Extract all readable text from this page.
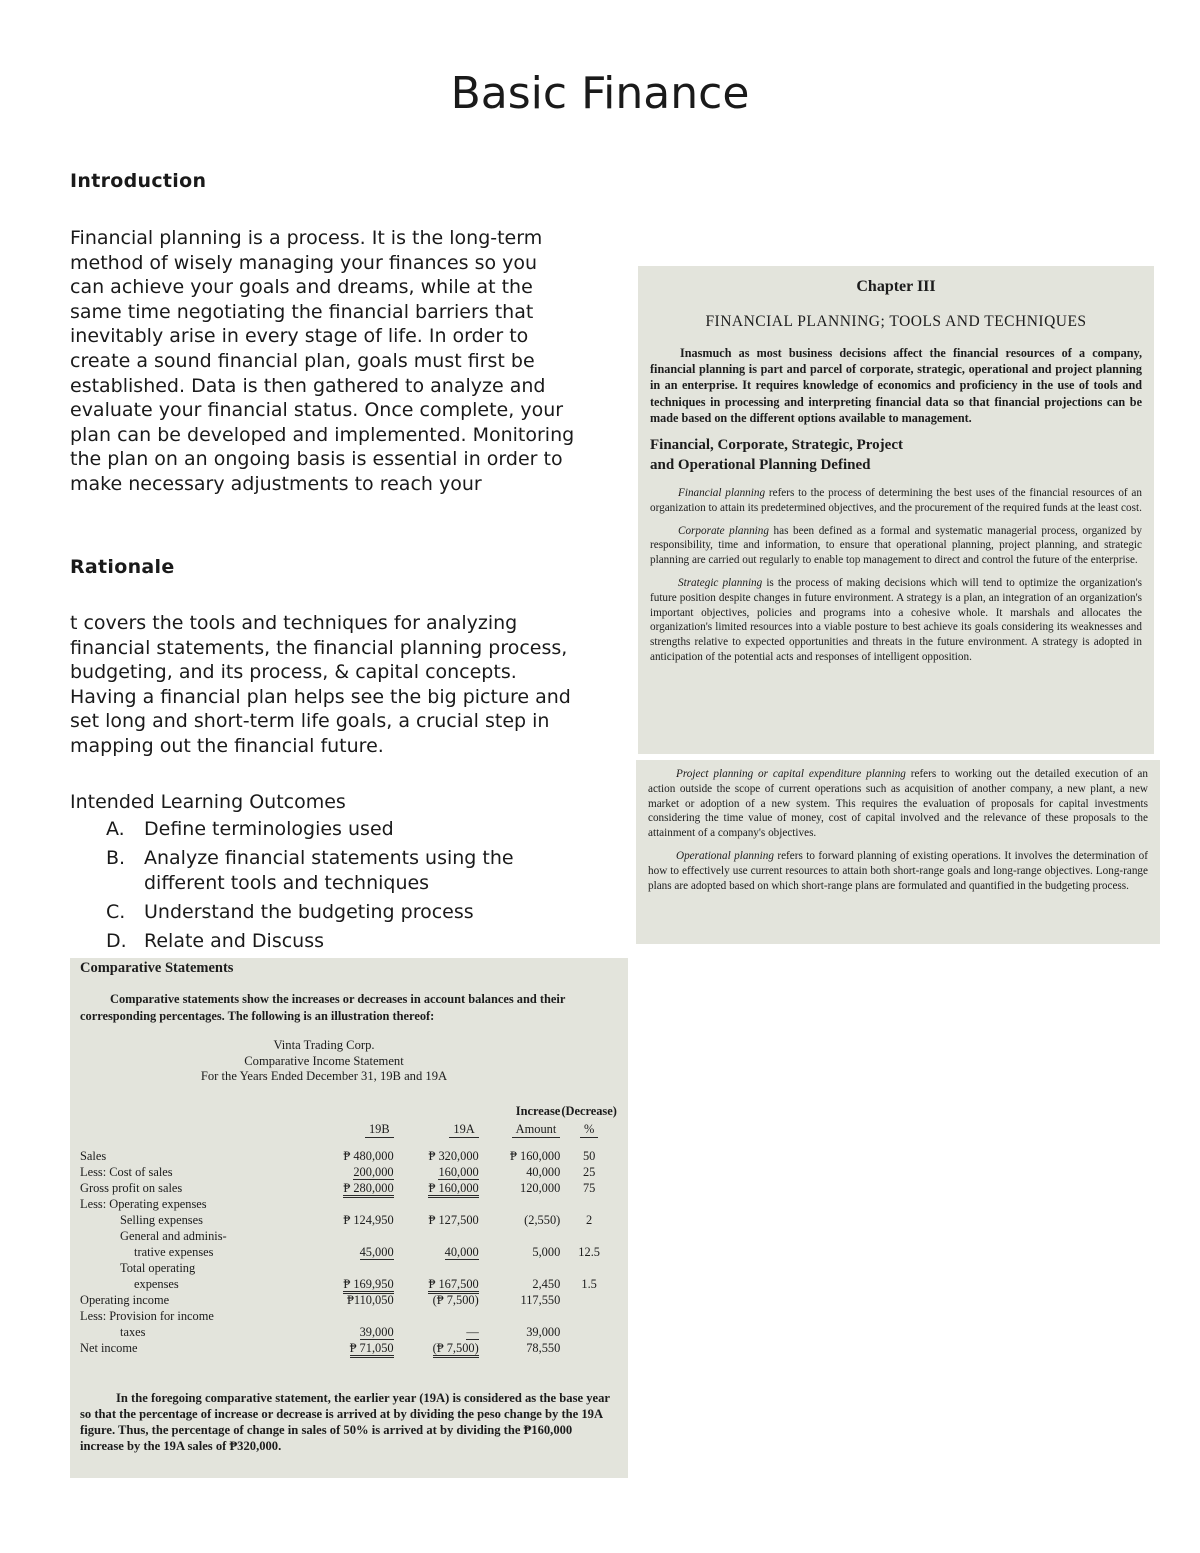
Basic Finance
Introduction

Financial planning is a process. It is the long-term method of wisely managing your finances so you can achieve your goals and dreams, while at the same time negotiating the financial barriers that inevitably arise in every stage of life. In order to create a sound financial plan, goals must first be established. Data is then gathered to analyze and evaluate your financial status. Once complete, your plan can be developed and implemented. Monitoring the plan on an ongoing basis is essential in order to make necessary adjustments to reach your

Rationale

t covers the tools and techniques for analyzing financial statements, the financial planning process, budgeting, and its process, & capital concepts. Having a financial plan helps see the big picture and set long and short-term life goals, a crucial step in mapping out the financial future.

Intended Learning Outcomes

A.	Define terminologies used
B. Analyze financial statements using the different tools and techniques
C. Understand the budgeting process
D. Relate and Discuss
Chapter III
FINANCIAL PLANNING; TOOLS AND TECHNIQUES

Inasmuch as most business decisions affect the financial resources of a company, financial planning is part and parcel of corporate, strategic, operational and project planning in an enterprise. It requires knowledge of economics and proficiency in the use of tools and techniques in processing and interpreting financial data so that financial projections can be made based on the different options available to management.

Financial, Corporate, Strategic, Project
and Operational Planning Defined

Financial planning refers to the process of determining the best uses of the financial resources of an organization to attain its predetermined objectives, and the procurement of the required funds at the least cost.

Corporate planning has been defined as a formal and systematic managerial process, organized by responsibility, time and information, to ensure that operational planning, project planning, and strategic planning are carried out regularly to enable top management to direct and control the future of the enterprise.

Strategic planning is the process of making decisions which will tend to optimize the organization's future position despite changes in future environment. A strategy is a plan, an integration of an organization's important objectives, policies and programs into a cohesive whole. It marshals and allocates the organization's limited resources into a viable posture to best achieve its goals considering its weaknesses and strengths relative to expected opportunities and threats in the future environment. A strategy is adopted in anticipation of the potential acts and responses of intelligent opposition.

Project planning or capital expenditure planning refers to working out the detailed execution of an action outside the scope of current operations such as acquisition of another company, a new plant, a new market or adoption of a new system. This requires the evaluation of proposals for capital investments considering the time value of money, cost of capital involved and the relevance of these proposals to the attainment of a company's objectives.

Operational planning refers to forward planning of existing operations. It involves the determination of how to effectively use current resources to attain both short-range goals and long-range objectives. Long-range plans are adopted based on which short-range plans are formulated and quantified in the budgeting process.

Comparative Statements

Comparative statements show the increases or decreases in account balances and their corresponding percentages. The following is an illustration thereof:

Vinta Trading Corp.
Comparative Income Statement
For the Years Ended December 31, 19B and 19A
			Increase	(Decrease)
	19B	19A	Amount	%
Sales	₱ 480,000	₱ 320,000	₱ 160,000	50
Less: Cost of sales	200,000	160,000	40,000	25
Gross profit on sales	₱ 280,000	₱ 160,000	120,000	75
Less: Operating expenses				
Selling expenses	₱ 124,950	₱ 127,500	(2,550)	2
General and adminis-				
trative expenses	45,000	40,000	5,000	12.5
Total operating				
expenses	₱ 169,950	₱ 167,500	2,450	1.5
Operating income	₱110,050	(₱ 7,500)	117,550	
Less: Provision for income				
taxes	39,000	—	39,000	
Net income	₱ 71,050	(₱ 7,500)	78,550	

In the foregoing comparative statement, the earlier year (19A) is considered as the base year so that the percentage of increase or decrease is arrived at by dividing the peso change by the 19A figure. Thus, the percentage of change in sales of 50% is arrived at by dividing the ₱160,000 increase by the 19A sales of ₱320,000.
